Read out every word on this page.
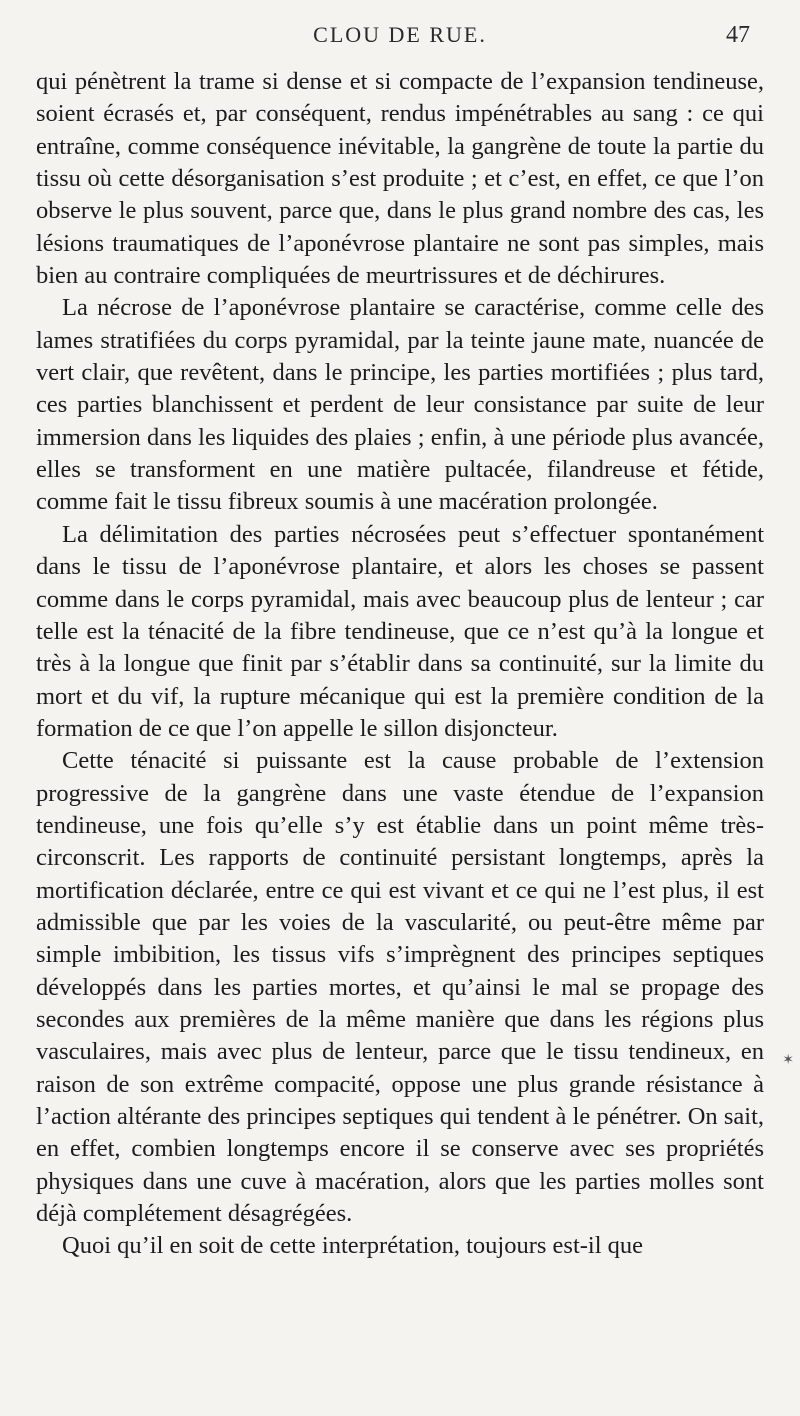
CLOU DE RUE.	47

qui pénètrent la trame si dense et si compacte de l’expansion tendineuse, soient écrasés et, par conséquent, rendus impénétrables au sang : ce qui entraîne, comme conséquence inévitable, la gangrène de toute la partie du tissu où cette désorganisation s’est produite ; et c’est, en effet, ce que l’on observe le plus souvent, parce que, dans le plus grand nombre des cas, les lésions traumatiques de l’aponévrose plantaire ne sont pas simples, mais bien au contraire compliquées de meurtrissures et de déchirures.

La nécrose de l’aponévrose plantaire se caractérise, comme celle des lames stratifiées du corps pyramidal, par la teinte jaune mate, nuancée de vert clair, que revêtent, dans le principe, les parties mortifiées ; plus tard, ces parties blanchissent et perdent de leur consistance par suite de leur immersion dans les liquides des plaies ; enfin, à une période plus avancée, elles se transforment en une matière pultacée, filandreuse et fétide, comme fait le tissu fibreux soumis à une macération prolongée.

La délimitation des parties nécrosées peut s’effectuer spontanément dans le tissu de l’aponévrose plantaire, et alors les choses se passent comme dans le corps pyramidal, mais avec beaucoup plus de lenteur ; car telle est la ténacité de la fibre tendineuse, que ce n’est qu’à la longue et très à la longue que finit par s’établir dans sa continuité, sur la limite du mort et du vif, la rupture mécanique qui est la première condition de la formation de ce que l’on appelle le sillon disjoncteur.

Cette ténacité si puissante est la cause probable de l’extension progressive de la gangrène dans une vaste étendue de l’expansion tendineuse, une fois qu’elle s’y est établie dans un point même très-circonscrit. Les rapports de continuité persistant longtemps, après la mortification déclarée, entre ce qui est vivant et ce qui ne l’est plus, il est admissible que par les voies de la vascularité, ou peut-être même par simple imbibition, les tissus vifs s’imprègnent des principes septiques développés dans les parties mortes, et qu’ainsi le mal se propage des secondes aux premières de la même manière que dans les régions plus vasculaires, mais avec plus de lenteur, parce que le tissu tendineux, en raison de son extrême compacité, oppose une plus grande résistance à l’action altérante des principes septiques qui tendent à le pénétrer. On sait, en effet, combien longtemps encore il se conserve avec ses propriétés physiques dans une cuve à macération, alors que les parties molles sont déjà complétement désagrégées.

Quoi qu’il en soit de cette interprétation, toujours est-il que

✶
